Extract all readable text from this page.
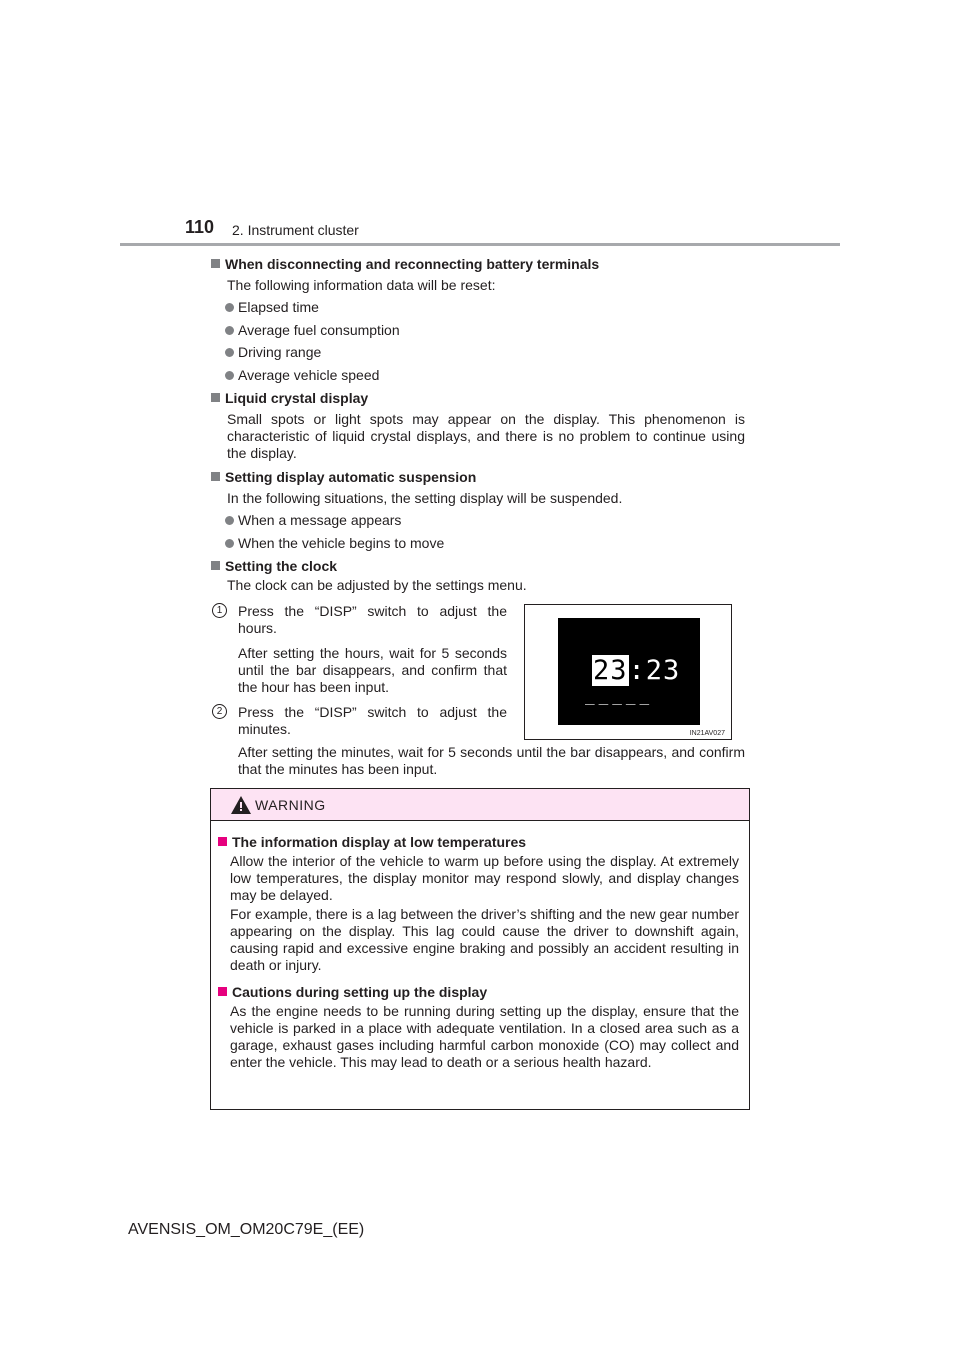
110 2. Instrument cluster
When disconnecting and reconnecting battery terminals
The following information data will be reset:
Elapsed time
Average fuel consumption
Driving range
Average vehicle speed
Liquid crystal display
Small spots or light spots may appear on the display. This phenomenon is characteristic of liquid crystal displays, and there is no problem to continue using the display.
Setting display automatic suspension
In the following situations, the setting display will be suspended.
When a message appears
When the vehicle begins to move
Setting the clock
The clock can be adjusted by the settings menu.
1	Press the “DISP” switch to adjust the hours.
After setting the hours, wait for 5 seconds until the bar disappears, and confirm that the hour has been input.
2	Press the “DISP” switch to adjust the minutes.
After setting the minutes, wait for 5 seconds until the bar disappears, and confirm that the minutes has been input.
23:23
_____
IN21AV027
WARNING
The information display at low temperatures
Allow the interior of the vehicle to warm up before using the display. At extremely low temperatures, the display monitor may respond slowly, and display changes may be delayed.
For example, there is a lag between the driver’s shifting and the new gear number appearing on the display. This lag could cause the driver to downshift again, causing rapid and excessive engine braking and possibly an accident resulting in death or injury.
Cautions during setting up the display
As the engine needs to be running during setting up the display, ensure that the vehicle is parked in a place with adequate ventilation. In a closed area such as a garage, exhaust gases including harmful carbon monoxide (CO) may collect and enter the vehicle. This may lead to death or a serious health hazard.
AVENSIS_OM_OM20C79E_(EE)
